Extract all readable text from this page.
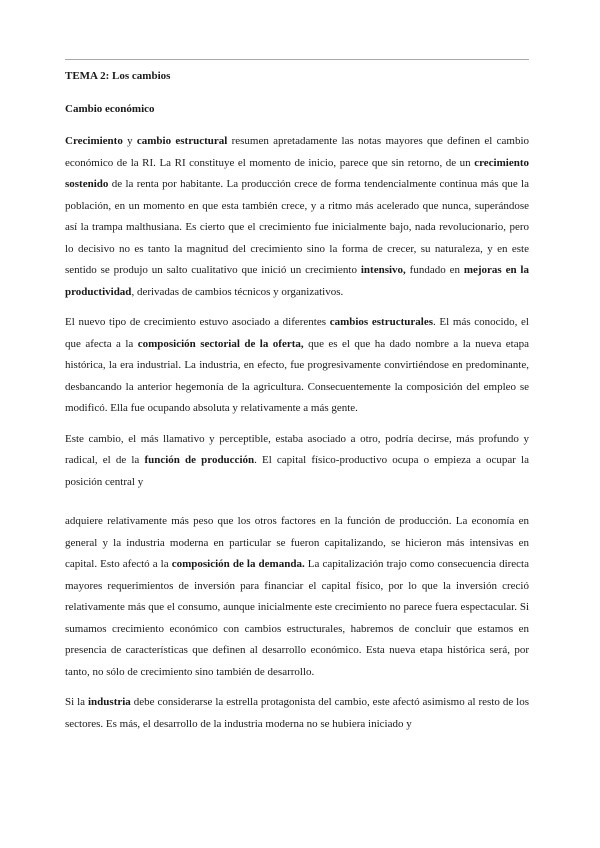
TEMA 2: Los cambios
Cambio económico

Crecimiento y cambio estructural resumen apretadamente las notas mayores que definen el cambio económico de la RI. La RI constituye el momento de inicio, parece que sin retorno, de un crecimiento sostenido de la renta por habitante. La producción crece de forma tendencialmente continua más que la población, en un momento en que esta también crece, y a ritmo más acelerado que nunca, superándose así la trampa malthusiana. Es cierto que el crecimiento fue inicialmente bajo, nada revolucionario, pero lo decisivo no es tanto la magnitud del crecimiento sino la forma de crecer, su naturaleza, y en este sentido se produjo un salto cualitativo que inició un crecimiento intensivo, fundado en mejoras en la productividad, derivadas de cambios técnicos y organizativos.

El nuevo tipo de crecimiento estuvo asociado a diferentes cambios estructurales. El más conocido, el que afecta a la composición sectorial de la oferta, que es el que ha dado nombre a la nueva etapa histórica, la era industrial. La industria, en efecto, fue progresivamente convirtiéndose en predominante, desbancando la anterior hegemonía de la agricultura. Consecuentemente la composición del empleo se modificó. Ella fue ocupando absoluta y relativamente a más gente.

Este cambio, el más llamativo y perceptible, estaba asociado a otro, podría decirse, más profundo y radical, el de la función de producción. El capital físico-productivo ocupa o empieza a ocupar la posición central y

adquiere relativamente más peso que los otros factores en la función de producción. La economía en general y la industria moderna en particular se fueron capitalizando, se hicieron más intensivas en capital. Esto afectó a la composición de la demanda. La capitalización trajo como consecuencia directa mayores requerimientos de inversión para financiar el capital físico, por lo que la inversión creció relativamente más que el consumo, aunque inicialmente este crecimiento no parece fuera espectacular. Si sumamos crecimiento económico con cambios estructurales, habremos de concluir que estamos en presencia de características que definen al desarrollo económico. Esta nueva etapa histórica será, por tanto, no sólo de crecimiento sino también de desarrollo.

Si la industria debe considerarse la estrella protagonista del cambio, este afectó asimismo al resto de los sectores. Es más, el desarrollo de la industria moderna no se hubiera iniciado y
